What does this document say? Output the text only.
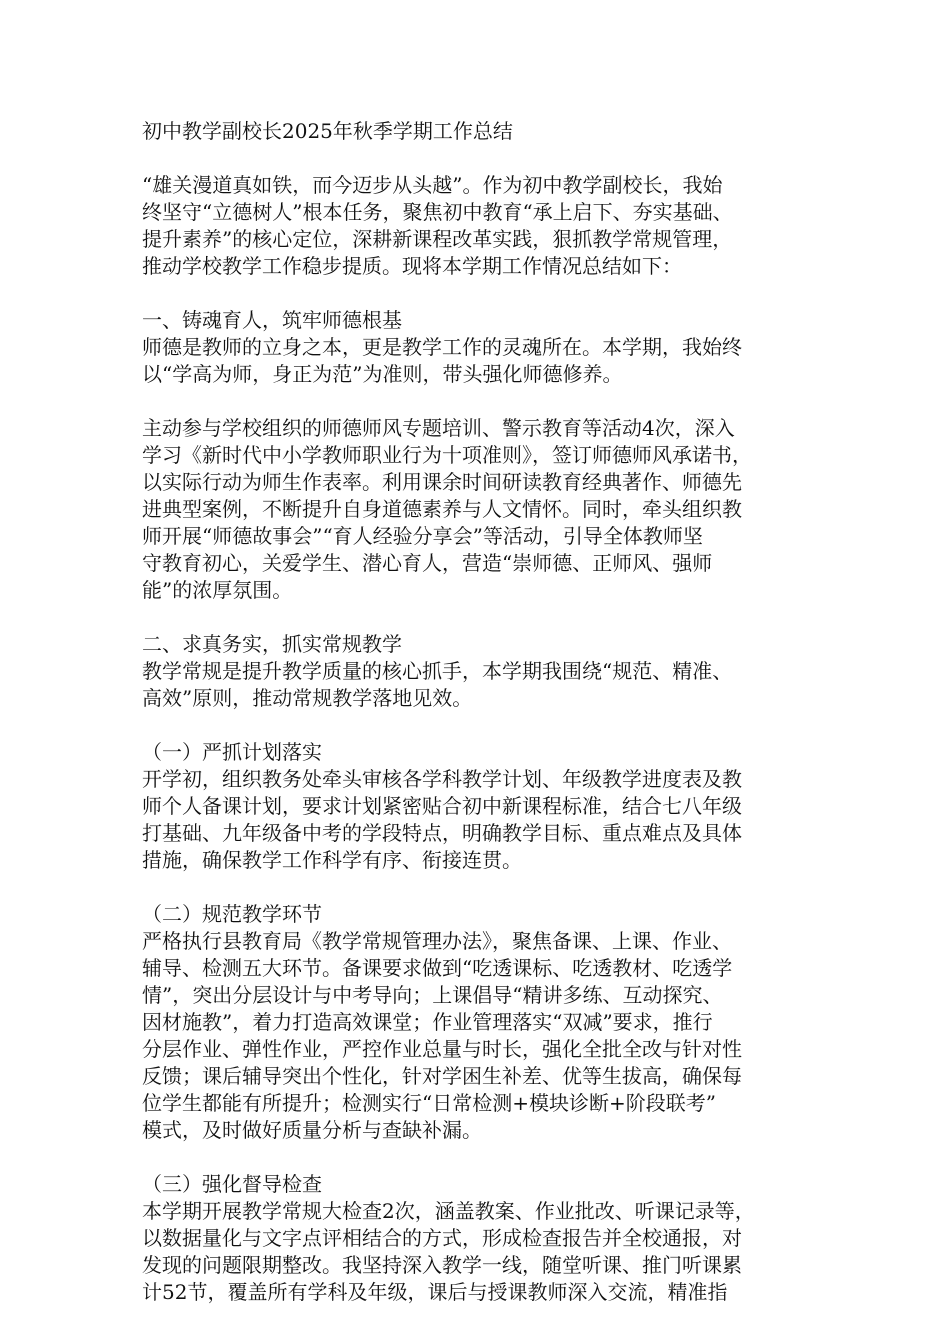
初中教学副校长2025年秋季学期工作总结
“雄关漫道真如铁，而今迈步从头越”。作为初中教学副校长，我始
终坚守“立德树人”根本任务，聚焦初中教育“承上启下、夯实基础、
提升素养”的核心定位，深耕新课程改革实践，狠抓教学常规管理，
推动学校教学工作稳步提质。现将本学期工作情况总结如下：
一、铸魂育人，筑牢师德根基
师德是教师的立身之本，更是教学工作的灵魂所在。本学期，我始终
以“学高为师，身正为范”为准则，带头强化师德修养。
主动参与学校组织的师德师风专题培训、警示教育等活动4次，深入
学习《新时代中小学教师职业行为十项准则》，签订师德师风承诺书，
以实际行动为师生作表率。利用课余时间研读教育经典著作、师德先
进典型案例，不断提升自身道德素养与人文情怀。同时，牵头组织教
师开展“师德故事会”“育人经验分享会”等活动，引导全体教师坚
守教育初心，关爱学生、潜心育人，营造“崇师德、正师风、强师
能”的浓厚氛围。
二、求真务实，抓实常规教学
教学常规是提升教学质量的核心抓手，本学期我围绕“规范、精准、
高效”原则，推动常规教学落地见效。
（一）严抓计划落实
开学初，组织教务处牵头审核各学科教学计划、年级教学进度表及教
师个人备课计划，要求计划紧密贴合初中新课程标准，结合七八年级
打基础、九年级备中考的学段特点，明确教学目标、重点难点及具体
措施，确保教学工作科学有序、衔接连贯。
（二）规范教学环节
严格执行县教育局《教学常规管理办法》，聚焦备课、上课、作业、
辅导、检测五大环节。备课要求做到“吃透课标、吃透教材、吃透学
情”，突出分层设计与中考导向；上课倡导“精讲多练、互动探究、
因材施教”，着力打造高效课堂；作业管理落实“双减”要求，推行
分层作业、弹性作业，严控作业总量与时长，强化全批全改与针对性
反馈；课后辅导突出个性化，针对学困生补差、优等生拔高，确保每
位学生都能有所提升；检测实行“日常检测+模块诊断+阶段联考”
模式，及时做好质量分析与查缺补漏。
（三）强化督导检查
本学期开展教学常规大检查2次，涵盖教案、作业批改、听课记录等，
以数据量化与文字点评相结合的方式，形成检查报告并全校通报，对
发现的问题限期整改。我坚持深入教学一线，随堂听课、推门听课累
计52节，覆盖所有学科及年级，课后与授课教师深入交流，精准指
